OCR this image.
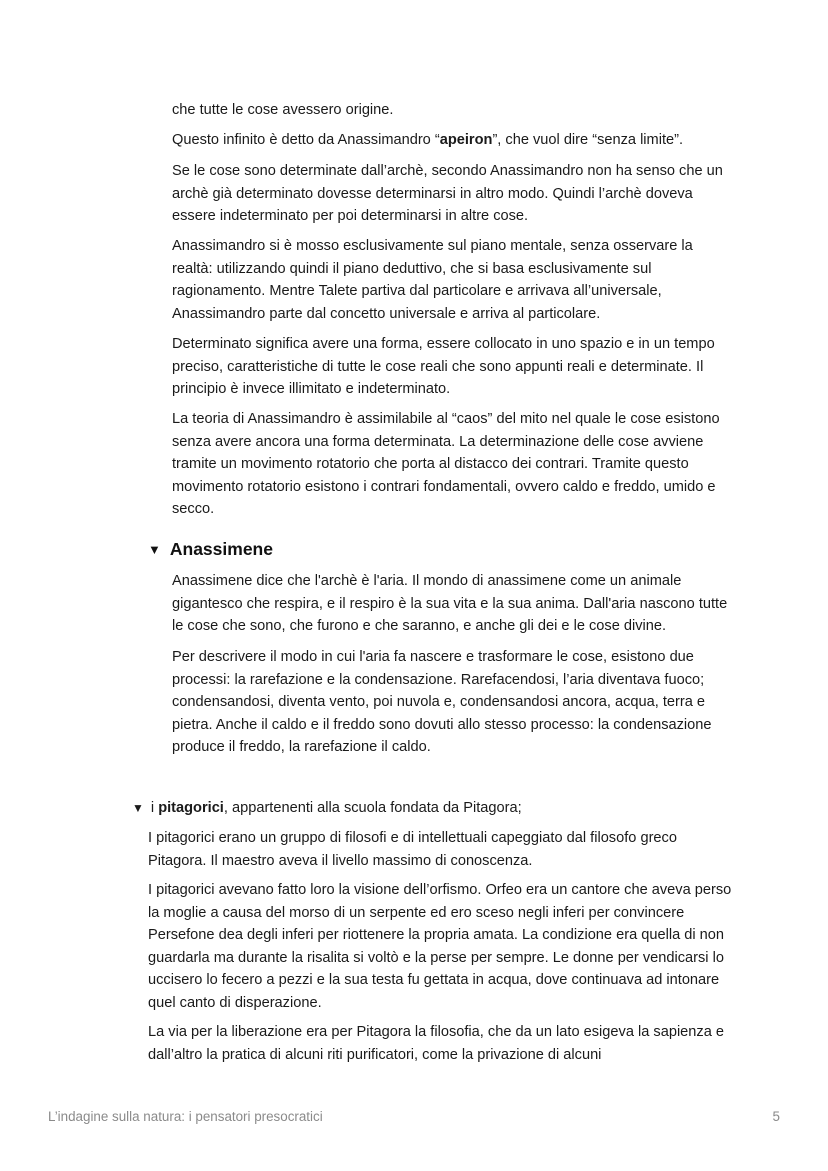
che tutte le cose avessero origine.

Questo infinito è detto da Anassimandro “apeiron”, che vuol dire “senza limite”.

Se le cose sono determinate dall’archè, secondo Anassimandro non ha senso che un archè già determinato dovesse determinarsi in altro modo. Quindi l’archè doveva essere indeterminato per poi determinarsi in altre cose.

Anassimandro si è mosso esclusivamente sul piano mentale, senza osservare la realtà: utilizzando quindi il piano deduttivo, che si basa esclusivamente sul ragionamento. Mentre Talete partiva dal particolare e arrivava all’universale, Anassimandro parte dal concetto universale e arriva al particolare.

Determinato significa avere una forma, essere collocato in uno spazio e in un tempo preciso, caratteristiche di tutte le cose reali che sono appunti reali e determinate. Il principio è invece illimitato e indeterminato.

La teoria di Anassimandro è assimilabile al “caos” del mito nel quale le cose esistono senza avere ancora una forma determinata. La determinazione delle cose avviene tramite un movimento rotatorio che porta al distacco dei contrari. Tramite questo movimento rotatorio esistono i contrari fondamentali, ovvero caldo e freddo, umido e secco.

▼ Anassimene

Anassimene dice che l'archè è l'aria. Il mondo di anassimene come un animale gigantesco che respira, e il respiro è la sua vita e la sua anima. Dall'aria nascono tutte le cose che sono, che furono e che saranno, e anche gli dei e le cose divine.

Per descrivere il modo in cui l'aria fa nascere e trasformare le cose, esistono due processi: la rarefazione e la condensazione. Rarefacendosi, l’aria diventava fuoco; condensandosi, diventa vento, poi nuvola e, condensandosi ancora, acqua, terra e pietra. Anche il caldo e il freddo sono dovuti allo stesso processo: la condensazione produce il freddo, la rarefazione il caldo.

▼ i pitagorici, appartenenti alla scuola fondata da Pitagora;

I pitagorici erano un gruppo di filosofi e di intellettuali capeggiato dal filosofo greco Pitagora. Il maestro aveva il livello massimo di conoscenza.

I pitagorici avevano fatto loro la visione dell’orfismo. Orfeo era un cantore che aveva perso la moglie a causa del morso di un serpente ed ero sceso negli inferi per convincere Persefone dea degli inferi per riottenere la propria amata. La condizione era quella di non guardarla ma durante la risalita si voltò e la perse per sempre. Le donne per vendicarsi lo uccisero lo fecero a pezzi e la sua testa fu gettata in acqua, dove continuava ad intonare quel canto di disperazione.

La via per la liberazione era per Pitagora la filosofia, che da un lato esigeva la sapienza e dall’altro la pratica di alcuni riti purificatori, come la privazione di alcuni

L’indagine sulla natura: i pensatori presocratici	5
